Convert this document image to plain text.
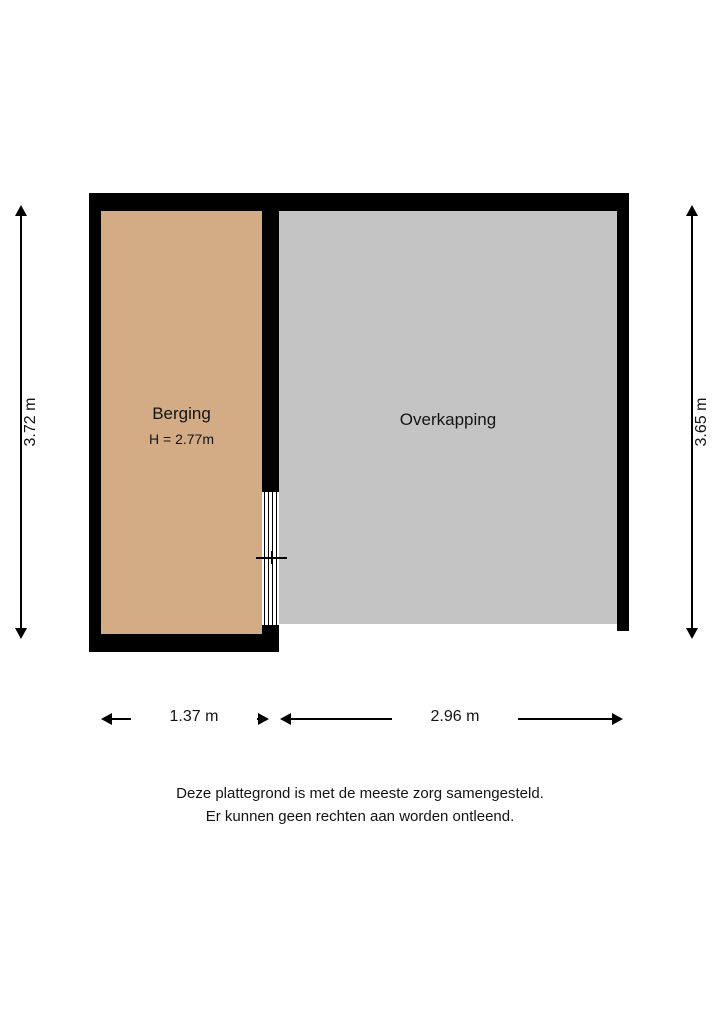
Berging
H = 2.77m
Overkapping
3.72 m	3.65 m
1.37 m	2.96 m
Deze plattegrond is met de meeste zorg samengesteld.
Er kunnen geen rechten aan worden ontleend.
